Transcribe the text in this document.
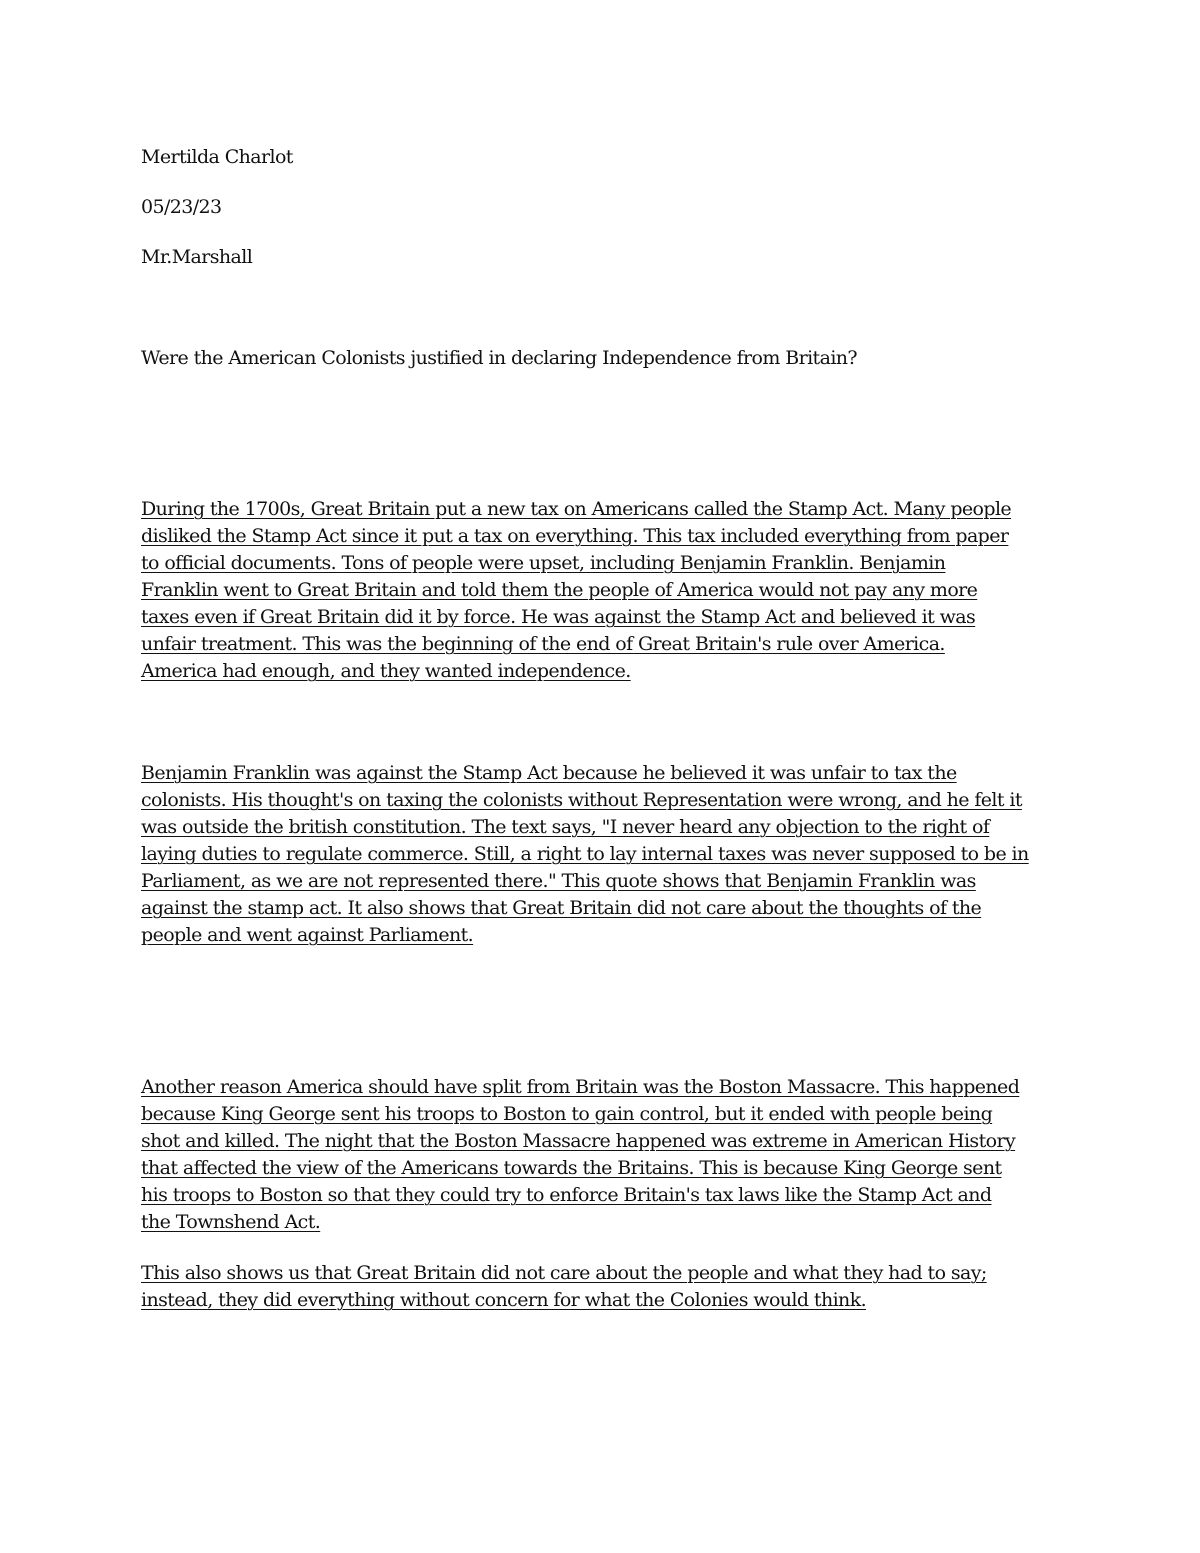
Mertilda Charlot
05/23/23
Mr.Marshall
Were the American Colonists justified in declaring Independence from Britain?
During the 1700s, Great Britain put a new tax on Americans called the Stamp Act. Many people
disliked the Stamp Act since it put a tax on everything. This tax included everything from paper
to official documents. Tons of people were upset, including Benjamin Franklin. Benjamin
Franklin went to Great Britain and told them the people of America would not pay any more
taxes even if Great Britain did it by force. He was against the Stamp Act and believed it was
unfair treatment. This was the beginning of the end of Great Britain's rule over America.
America had enough, and they wanted independence.
Benjamin Franklin was against the Stamp Act because he believed it was unfair to tax the
colonists. His thought's on taxing the colonists without Representation were wrong, and he felt it
was outside the british constitution. The text says, "I never heard any objection to the right of
laying duties to regulate commerce. Still, a right to lay internal taxes was never supposed to be in
Parliament, as we are not represented there." This quote shows that Benjamin Franklin was
against the stamp act. It also shows that Great Britain did not care about the thoughts of the
people and went against Parliament.
Another reason America should have split from Britain was the Boston Massacre. This happened
because King George sent his troops to Boston to gain control, but it ended with people being
shot and killed. The night that the Boston Massacre happened was extreme in American History
that affected the view of the Americans towards the Britains. This is because King George sent
his troops to Boston so that they could try to enforce Britain's tax laws like the Stamp Act and
the Townshend Act.
This also shows us that Great Britain did not care about the people and what they had to say;
instead, they did everything without concern for what the Colonies would think.
